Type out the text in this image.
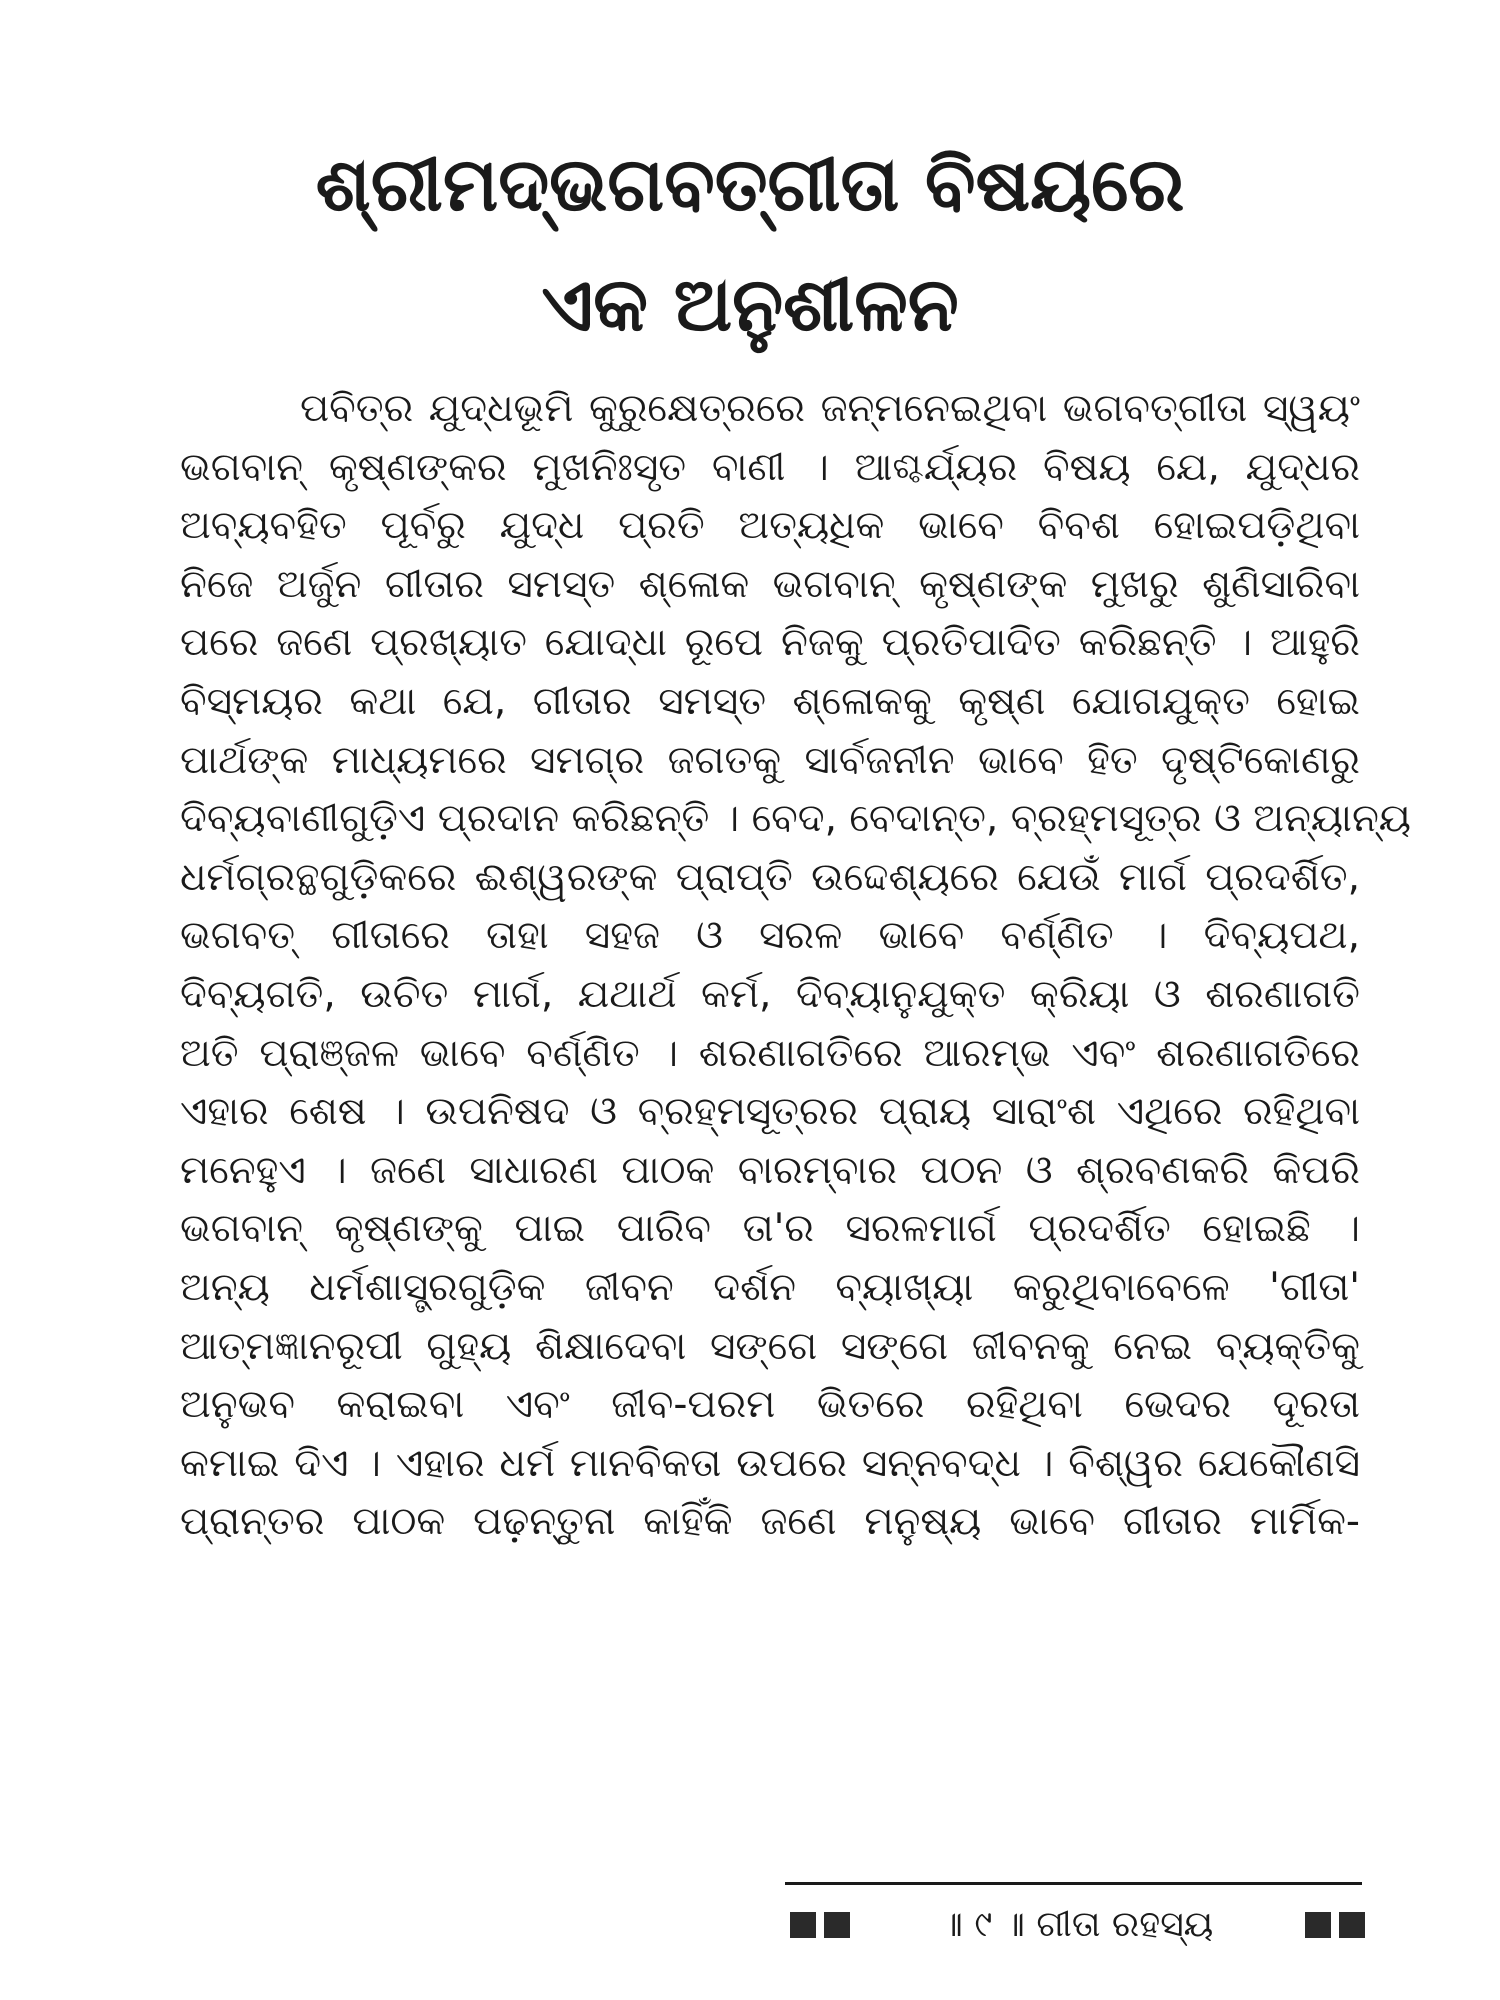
ଶ୍ରୀମଦ୍ଭଗବତ୍‌ଗୀତା ବିଷୟରେ
ଏକ ଅନୁଶୀଳନ
ପବିତ୍ର ଯୁଦ୍ଧଭୂମି କୁରୁକ୍ଷେତ୍ରରେ ଜନ୍ମନେଇଥିବା ଭଗବତ୍‌ଗୀତା ସ୍ୱୟଂ
ଭଗବାନ୍ କୃଷ୍ଣଙ୍କର ମୁଖନିଃସୃତ ବାଣୀ । ଆଶ୍ଚର୍ଯ୍ୟର ବିଷୟ ଯେ, ଯୁଦ୍ଧର
ଅବ୍ୟବହିତ ପୂର୍ବରୁ ଯୁଦ୍ଧ ପ୍ରତି ଅତ୍ୟଧିକ ଭାବେ ବିବଶ ହୋଇପଡ଼ିଥିବା
ନିଜେ ଅର୍ଜୁନ ଗୀତାର ସମସ୍ତ ଶ୍ଳୋକ ଭଗବାନ୍ କୃଷ୍ଣଙ୍କ ମୁଖରୁ ଶୁଣିସାରିବା
ପରେ ଜଣେ ପ୍ରଖ୍ୟାତ ଯୋଦ୍ଧା ରୂପେ ନିଜକୁ ପ୍ରତିପାଦିତ କରିଛନ୍ତି । ଆହୁରି
ବିସ୍ମୟର କଥା ଯେ, ଗୀତାର ସମସ୍ତ ଶ୍ଳୋକକୁ କୃଷ୍ଣ ଯୋଗଯୁକ୍ତ ହୋଇ
ପାର୍ଥଙ୍କ ମାଧ୍ୟମରେ ସମଗ୍ର ଜଗତକୁ ସାର୍ବଜନୀନ ଭାବେ ହିତ ଦୃଷ୍ଟିକୋଣରୁ
ଦିବ୍ୟବାଣୀଗୁଡ଼ିଏ ପ୍ରଦାନ କରିଛନ୍ତି । ବେଦ, ବେଦାନ୍ତ, ବ୍ରହ୍ମସୂତ୍ର ଓ ଅନ୍ୟାନ୍ୟ
ଧର୍ମଗ୍ରନ୍ଥଗୁଡ଼ିକରେ ଈଶ୍ୱରଙ୍କ ପ୍ରାପ୍ତି ଉଦ୍ଦେଶ୍ୟରେ ଯେଉଁ ମାର୍ଗ ପ୍ରଦର୍ଶିତ,
ଭଗବତ୍ ଗୀତାରେ ତାହା ସହଜ ଓ ସରଳ ଭାବେ ବର୍ଣ୍ଣିତ । ଦିବ୍ୟପଥ,
ଦିବ୍ୟଗତି, ଉଚିତ ମାର୍ଗ, ଯଥାର୍ଥ କର୍ମ, ଦିବ୍ୟାନୁଯୁକ୍ତ କ୍ରିୟା ଓ ଶରଣାଗତି
ଅତି ପ୍ରାଞ୍ଜଳ ଭାବେ ବର୍ଣ୍ଣିତ । ଶରଣାଗତିରେ ଆରମ୍ଭ ଏବଂ ଶରଣାଗତିରେ
ଏହାର ଶେଷ । ଉପନିଷଦ ଓ ବ୍ରହ୍ମସୂତ୍ରର ପ୍ରାୟ ସାରାଂଶ ଏଥିରେ ରହିଥିବା
ମନେହୁଏ । ଜଣେ ସାଧାରଣ ପାଠକ ବାରମ୍ବାର ପଠନ ଓ ଶ୍ରବଣକରି କିପରି
ଭଗବାନ୍ କୃଷ୍ଣଙ୍କୁ ପାଇ ପାରିବ ତା'ର ସରଳମାର୍ଗ ପ୍ରଦର୍ଶିତ ହୋଇଛି ।
ଅନ୍ୟ ଧର୍ମଶାସ୍ତ୍ରଗୁଡ଼ିକ ଜୀବନ ଦର୍ଶନ ବ୍ୟାଖ୍ୟା କରୁଥିବାବେଳେ 'ଗୀତା'
ଆତ୍ମଜ୍ଞାନରୂପୀ ଗୁହ୍ୟ ଶିକ୍ଷାଦେବା ସଙ୍ଗେ ସଙ୍ଗେ ଜୀବନକୁ ନେଇ ବ୍ୟକ୍ତିକୁ
ଅନୁଭବ କରାଇବା ଏବଂ ଜୀବ-ପରମ ଭିତରେ ରହିଥିବା ଭେଦର ଦୂରତା
କମାଇ ଦିଏ । ଏହାର ଧର୍ମ ମାନବିକତା ଉପରେ ସନ୍ନବଦ୍ଧ । ବିଶ୍ୱର ଯେକୌଣସି
ପ୍ରାନ୍ତର ପାଠକ ପଢ଼ନ୍ତୁନା କାହିଁକି ଜଣେ ମନୁଷ୍ୟ ଭାବେ ଗୀତାର ମାର୍ମିକ-
॥ ୯ ॥ ଗୀତା ରହସ୍ୟ
